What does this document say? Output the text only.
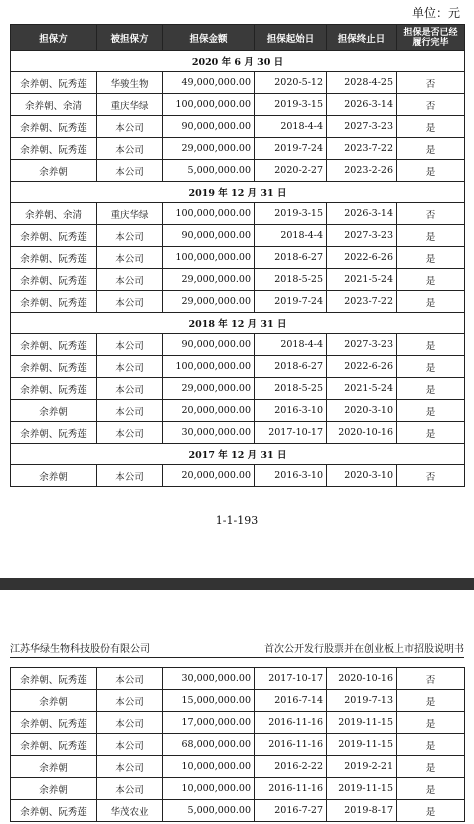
单位：元
担保方	被担保方	担保金额	担保起始日	担保终止日	担保是否已经履行完毕
2020 年 6 月 30 日					
余养朝、阮秀莲	华骏生物	49,000,000.00	2020-5-12	2028-4-25	否
余养朝、余清	重庆华绿	100,000,000.00	2019-3-15	2026-3-14	否
余养朝、阮秀莲	本公司	90,000,000.00	2018-4-4	2027-3-23	是
余养朝、阮秀莲	本公司	29,000,000.00	2019-7-24	2023-7-22	是
余养朝	本公司	5,000,000.00	2020-2-27	2023-2-26	是
2019 年 12 月 31 日					
余养朝、余清	重庆华绿	100,000,000.00	2019-3-15	2026-3-14	否
余养朝、阮秀莲	本公司	90,000,000.00	2018-4-4	2027-3-23	是
余养朝、阮秀莲	本公司	100,000,000.00	2018-6-27	2022-6-26	是
余养朝、阮秀莲	本公司	29,000,000.00	2018-5-25	2021-5-24	是
余养朝、阮秀莲	本公司	29,000,000.00	2019-7-24	2023-7-22	是
2018 年 12 月 31 日					
余养朝、阮秀莲	本公司	90,000,000.00	2018-4-4	2027-3-23	是
余养朝、阮秀莲	本公司	100,000,000.00	2018-6-27	2022-6-26	是
余养朝、阮秀莲	本公司	29,000,000.00	2018-5-25	2021-5-24	是
余养朝	本公司	20,000,000.00	2016-3-10	2020-3-10	是
余养朝、阮秀莲	本公司	30,000,000.00	2017-10-17	2020-10-16	是
2017 年 12 月 31 日					
余养朝	本公司	20,000,000.00	2016-3-10	2020-3-10	否
1-1-193
江苏华绿生物科技股份有限公司	首次公开发行股票并在创业板上市招股说明书
余养朝、阮秀莲	本公司	30,000,000.00	2017-10-17	2020-10-16	否
余养朝	本公司	15,000,000.00	2016-7-14	2019-7-13	是
余养朝、阮秀莲	本公司	17,000,000.00	2016-11-16	2019-11-15	是
余养朝、阮秀莲	本公司	68,000,000.00	2016-11-16	2019-11-15	是
余养朝	本公司	10,000,000.00	2016-2-22	2019-2-21	是
余养朝	本公司	10,000,000.00	2016-11-16	2019-11-15	是
余养朝、阮秀莲	华茂农业	5,000,000.00	2016-7-27	2019-8-17	是
